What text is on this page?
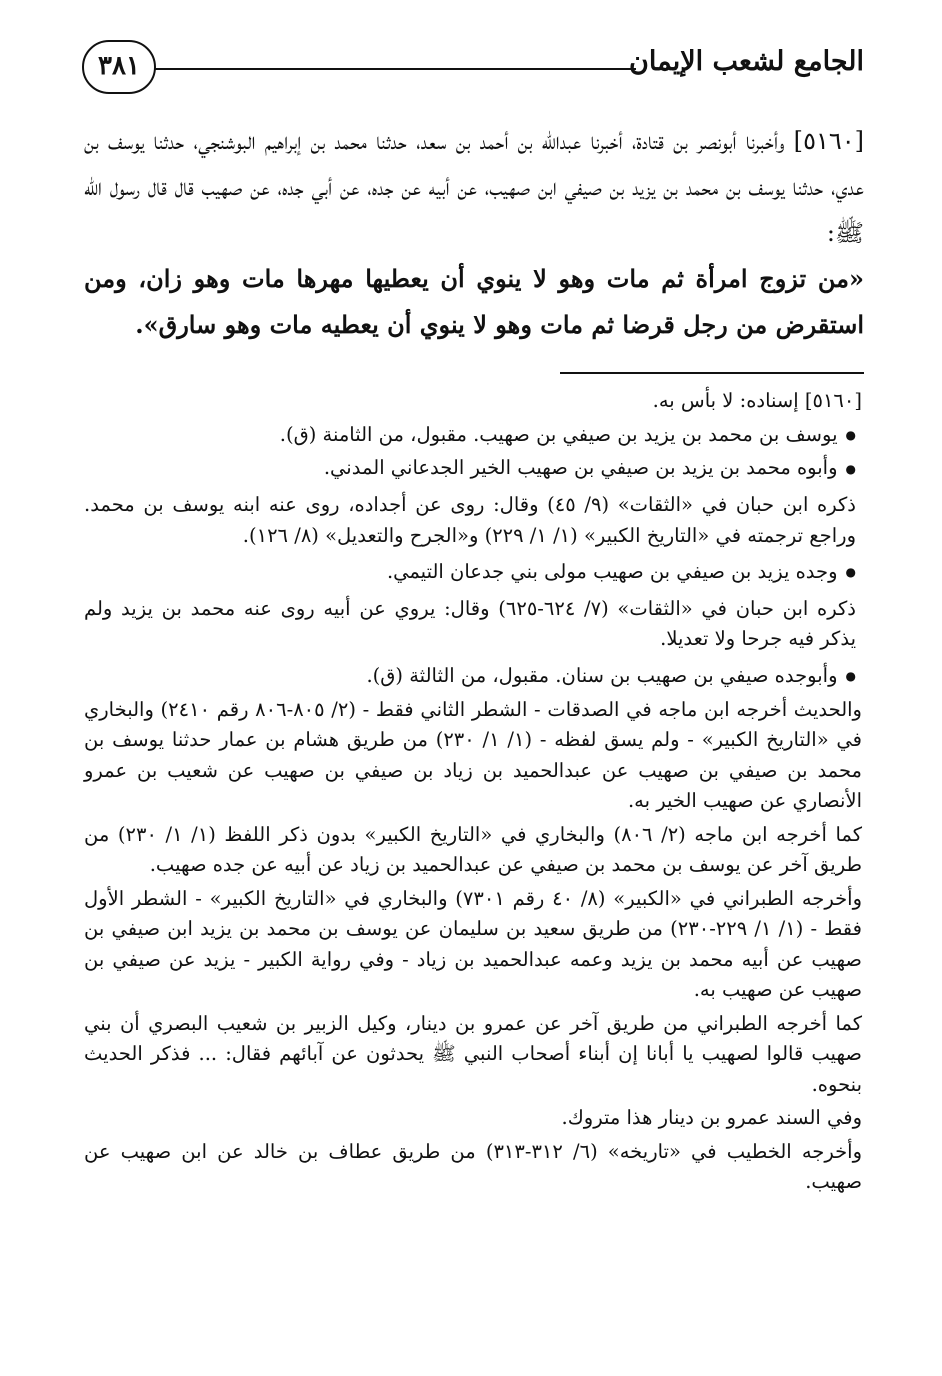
الجامع لشعب الإيمان
٣٨١

[٥١٦٠] وأخبرنا أبونصر بن قتادة، أخبرنا عبدالله بن أحمد بن سعد، حدثنا محمد بن إبراهيم البوشنجي، حدثنا يوسف بن عدي، حدثنا يوسف بن محمد بن يزيد بن صيفي ابن صهيب، عن أبيه عن جده، عن أبي جده، عن صهيب قال قال رسول الله ﷺ:

«من تزوج امرأة ثم مات وهو لا ينوي أن يعطيها مهرها مات وهو زان، ومن استقرض من رجل قرضا ثم مات وهو لا ينوي أن يعطيه مات وهو سارق».

[٥١٦٠] إسناده: لا بأس به.

● يوسف بن محمد بن يزيد بن صيفي بن صهيب. مقبول، من الثامنة (ق).

● وأبوه محمد بن يزيد بن صيفي بن صهيب الخير الجدعاني المدني.

ذكره ابن حبان في «الثقات» (٩/ ٤٥) وقال: روى عن أجداده، روى عنه ابنه يوسف بن محمد. وراجع ترجمته في «التاريخ الكبير» (١/ ١/ ٢٢٩) و«الجرح والتعديل» (٨/ ١٢٦).

● وجده يزيد بن صيفي بن صهيب مولى بني جدعان التيمي.

ذكره ابن حبان في «الثقات» (٧/ ٦٢٤-٦٢٥) وقال: يروي عن أبيه روى عنه محمد بن يزيد ولم يذكر فيه جرحا ولا تعديلا.

● وأبوجده صيفي بن صهيب بن سنان. مقبول، من الثالثة (ق).

والحديث أخرجه ابن ماجه في الصدقات - الشطر الثاني فقط - (٢/ ٨٠٥-٨٠٦ رقم ٢٤١٠) والبخاري في «التاريخ الكبير» - ولم يسق لفظه - (١/ ١/ ٢٣٠) من طريق هشام بن عمار حدثنا يوسف بن محمد بن صيفي بن صهيب عن عبدالحميد بن زياد بن صيفي بن صهيب عن شعيب بن عمرو الأنصاري عن صهيب الخير به.

كما أخرجه ابن ماجه (٢/ ٨٠٦) والبخاري في «التاريخ الكبير» بدون ذكر اللفظ (١/ ١/ ٢٣٠) من طريق آخر عن يوسف بن محمد بن صيفي عن عبدالحميد بن زياد عن أبيه عن جده صهيب.

وأخرجه الطبراني في «الكبير» (٨/ ٤٠ رقم ٧٣٠١) والبخاري في «التاريخ الكبير» - الشطر الأول فقط - (١/ ١/ ٢٢٩-٢٣٠) من طريق سعيد بن سليمان عن يوسف بن محمد بن يزيد ابن صيفي بن صهيب عن أبيه محمد بن يزيد وعمه عبدالحميد بن زياد - وفي رواية الكبير - يزيد عن صيفي بن صهيب عن صهيب به.

كما أخرجه الطبراني من طريق آخر عن عمرو بن دينار، وكيل الزبير بن شعيب البصري أن بني صهيب قالوا لصهيب يا أبانا إن أبناء أصحاب النبي ﷺ يحدثون عن آبائهم فقال: ... فذكر الحديث بنحوه.

وفي السند عمرو بن دينار هذا متروك.

وأخرجه الخطيب في «تاريخه» (٦/ ٣١٢-٣١٣) من طريق عطاف بن خالد عن ابن صهيب عن صهيب.
